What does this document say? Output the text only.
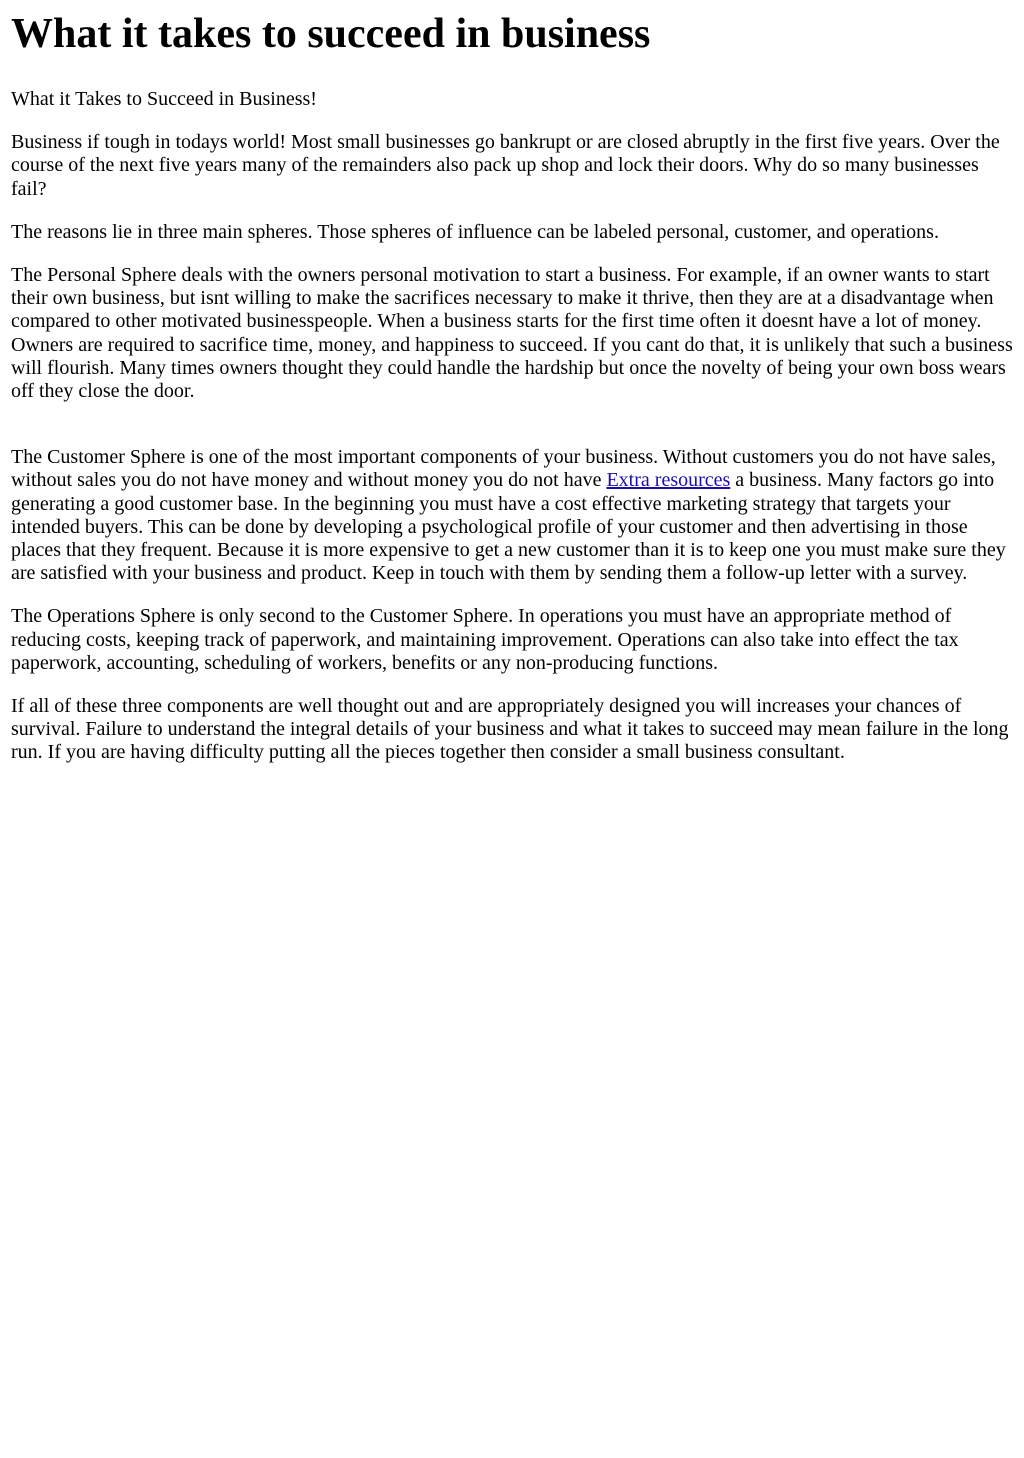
What it takes to succeed in business

What it Takes to Succeed in Business!

Business if tough in todays world! Most small businesses go bankrupt or are closed abruptly in the first five years. Over the course of the next five years many of the remainders also pack up shop and lock their doors. Why do so many businesses fail?

The reasons lie in three main spheres. Those spheres of influence can be labeled personal, customer, and operations.

The Personal Sphere deals with the owners personal motivation to start a business. For example, if an owner wants to start their own business, but isnt willing to make the sacrifices necessary to make it thrive, then they are at a disadvantage when compared to other motivated businesspeople. When a business starts for the first time often it doesnt have a lot of money. Owners are required to sacrifice time, money, and happiness to succeed. If you cant do that, it is unlikely that such a business will flourish. Many times owners thought they could handle the hardship but once the novelty of being your own boss wears off they close the door.

The Customer Sphere is one of the most important components of your business. Without customers you do not have sales, without sales you do not have money and without money you do not have Extra resources a business. Many factors go into generating a good customer base. In the beginning you must have a cost effective marketing strategy that targets your intended buyers. This can be done by developing a psychological profile of your customer and then advertising in those places that they frequent. Because it is more expensive to get a new customer than it is to keep one you must make sure they are satisfied with your business and product. Keep in touch with them by sending them a follow-up letter with a survey.

The Operations Sphere is only second to the Customer Sphere. In operations you must have an appropriate method of reducing costs, keeping track of paperwork, and maintaining improvement. Operations can also take into effect the tax paperwork, accounting, scheduling of workers, benefits or any non-producing functions.

If all of these three components are well thought out and are appropriately designed you will increases your chances of survival. Failure to understand the integral details of your business and what it takes to succeed may mean failure in the long run. If you are having difficulty putting all the pieces together then consider a small business consultant.
